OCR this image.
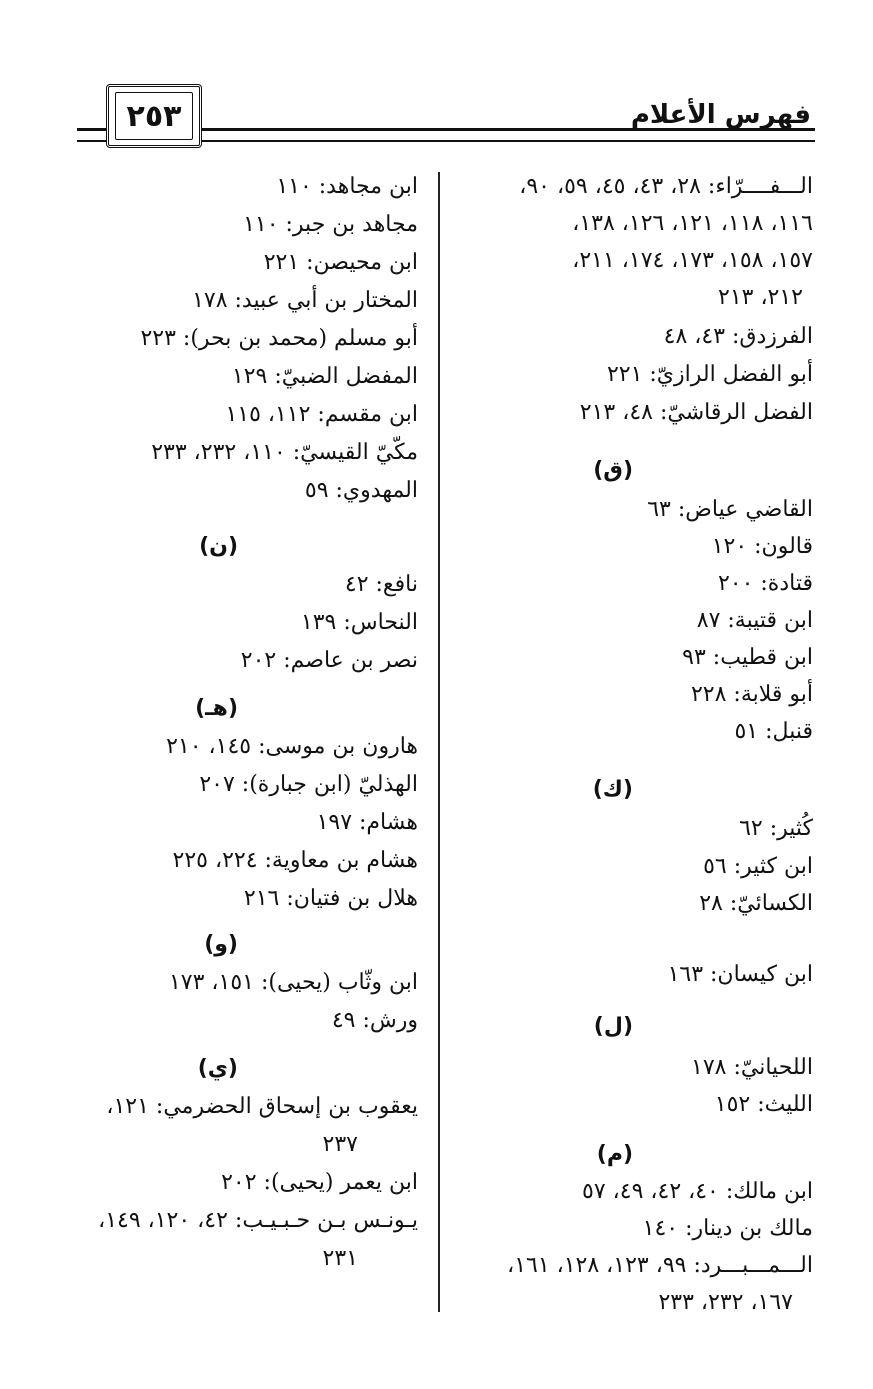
فهرس الأعلام
٢٥٣
الـــفــــرّاء: ٢٨، ٤٣، ٤٥، ٥٩، ٩٠،
١١٦، ١١٨، ١٢١، ١٢٦، ١٣٨،
١٥٧، ١٥٨، ١٧٣، ١٧٤، ٢١١،
٢١٢، ٢١٣
الفرزدق: ٤٣، ٤٨
أبو الفضل الرازيّ: ٢٢١
الفضل الرقاشيّ: ٤٨، ٢١٣
(ق)
القاضي عياض: ٦٣
قالون: ١٢٠
قتادة: ٢٠٠
ابن قتيبة: ٨٧
ابن قطيب: ٩٣
أبو قلابة: ٢٢٨
قنبل: ٥١
(ك)
كُثير: ٦٢
ابن كثير: ٥٦
الكسائيّ: ٢٨
ابن كيسان: ١٦٣
(ل)
اللحيانيّ: ١٧٨
الليث: ١٥٢
(م)
ابن مالك: ٤٠، ٤٢، ٤٩، ٥٧
مالك بن دينار: ١٤٠
الـــمـــبـــرد: ٩٩، ١٢٣، ١٢٨، ١٦١،
١٦٧، ٢٣٢، ٢٣٣
ابن مجاهد: ١١٠
مجاهد بن جبر: ١١٠
ابن محيصن: ٢٢١
المختار بن أبي عبيد: ١٧٨
أبو مسلم (محمد بن بحر): ٢٢٣
المفضل الضبيّ: ١٢٩
ابن مقسم: ١١٢، ١١٥
مكّيّ القيسيّ: ١١٠، ٢٣٢، ٢٣٣
المهدوي: ٥٩
(ن)
نافع: ٤٢
النحاس: ١٣٩
نصر بن عاصم: ٢٠٢
(هـ)
هارون بن موسى: ١٤٥، ٢١٠
الهذليّ (ابن جبارة): ٢٠٧
هشام: ١٩٧
هشام بن معاوية: ٢٢٤، ٢٢٥
هلال بن فتيان: ٢١٦
(و)
ابن وثّاب (يحيى): ١٥١، ١٧٣
ورش: ٤٩
(ي)
يعقوب بن إسحاق الحضرمي: ١٢١،
٢٣٧
ابن يعمر (يحيى): ٢٠٢
يـونـس بـن حـبـيـب: ٤٢، ١٢٠، ١٤٩،
٢٣١
